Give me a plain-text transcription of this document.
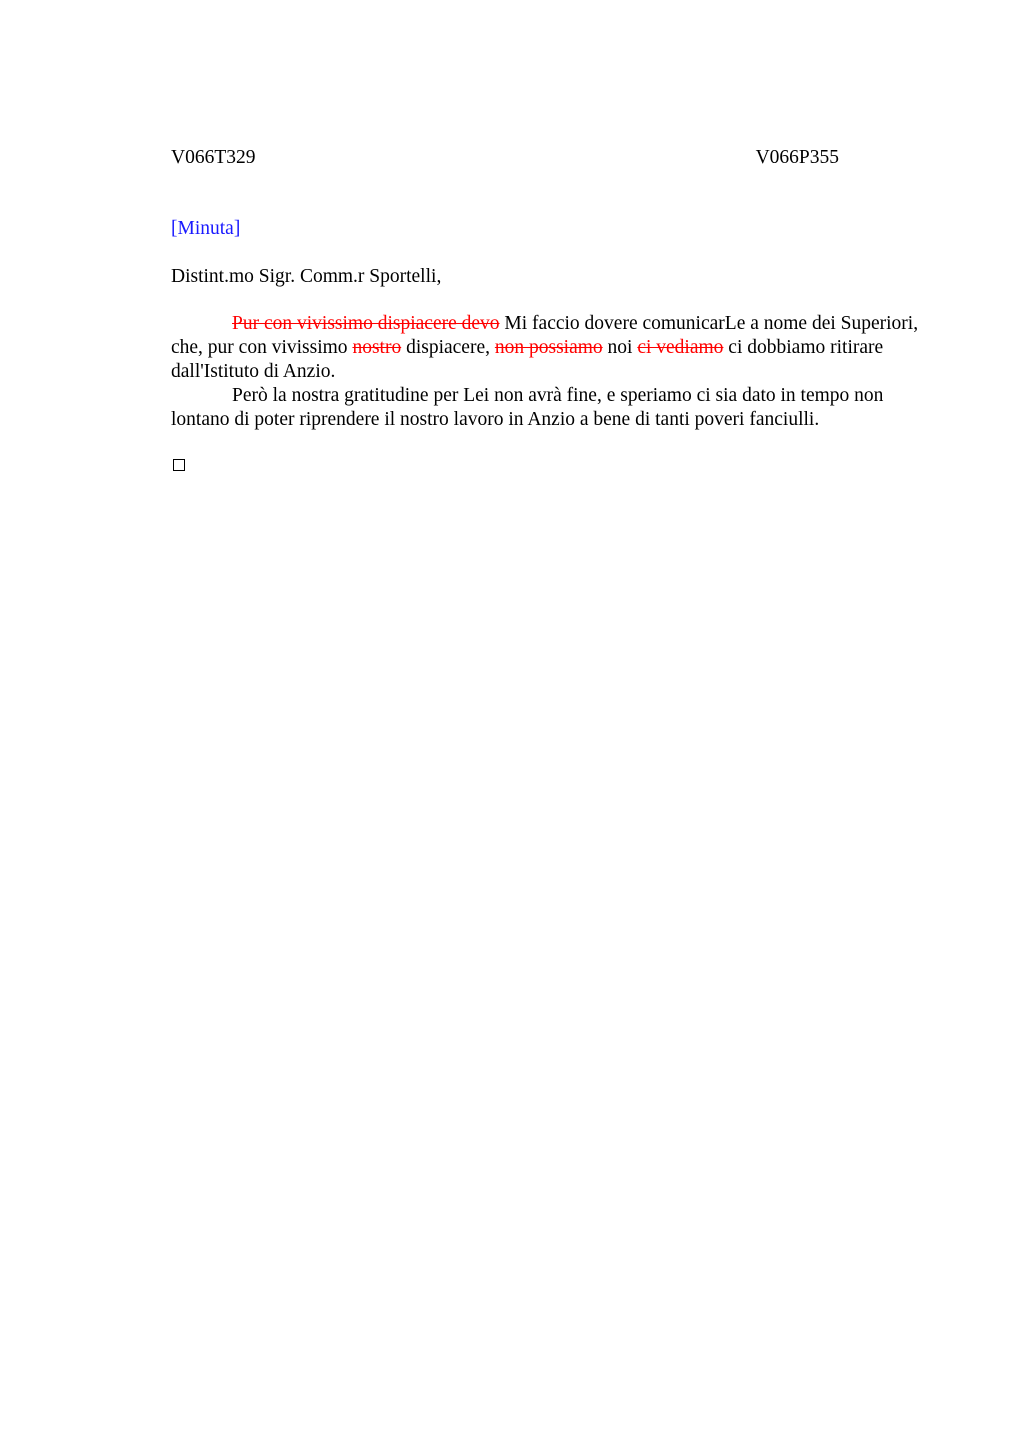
V066T329	V066P355
[Minuta]
Distint.mo Sigr. Comm.r Sportelli,

Pur con vivissimo dispiacere devo Mi faccio dovere comunicarLe a nome dei Superiori, che, pur con vivissimo nostro dispiacere, non possiamo noi ci vediamo ci dobbiamo ritirare dall'Istituto di Anzio.

Però la nostra gratitudine per Lei non avrà fine, e speriamo ci sia dato in tempo non lontano di poter riprendere il nostro lavoro in Anzio a bene di tanti poveri fanciulli.
